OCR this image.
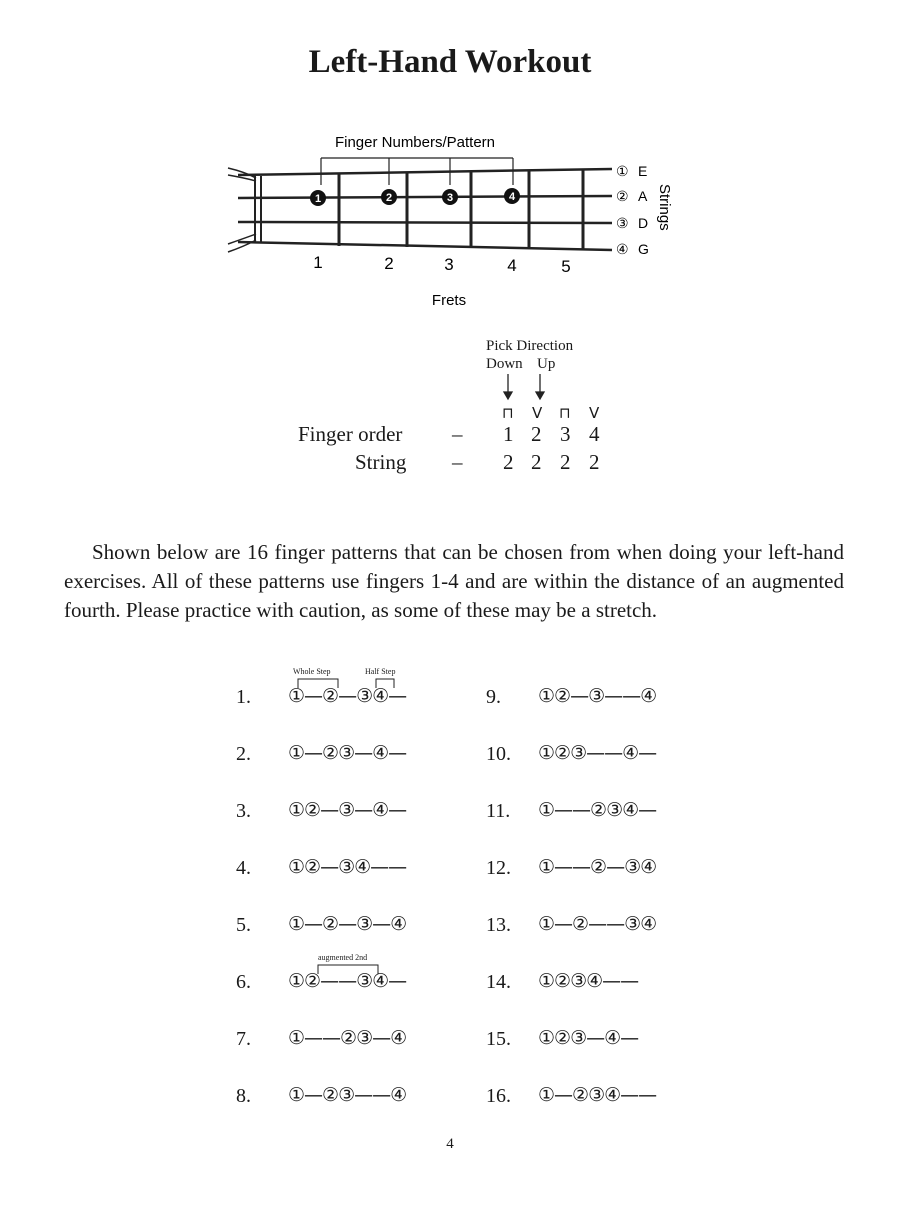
Left-Hand Workout
Finger Numbers/Pattern
1	2	3	4
① E
② A
③ D
④ G
Strings
1	2	3	4	5
Frets
Pick Direction
Down Up
⊓ V ⊓ V
Finger order – 1 2 3 4
String – 2 2 2 2

Shown below are 16 finger patterns that can be chosen from when doing your left-hand exercises. All of these patterns use fingers 1-4 and are within the distance of an augmented fourth. Please practice with caution, as some of these may be a stretch.

Whole Step	Half Step
augmented 2nd
1. ①—②—③④—
2. ①—②③—④—
3. ①②—③—④—
4. ①②—③④——
5. ①—②—③—④
6. ①②——③④—
7. ①——②③—④
8. ①—②③——④
9. ①②—③——④
10. ①②③——④—
11. ①——②③④—
12. ①——②—③④
13. ①—②——③④
14. ①②③④——
15. ①②③—④—
16. ①—②③④——
4
